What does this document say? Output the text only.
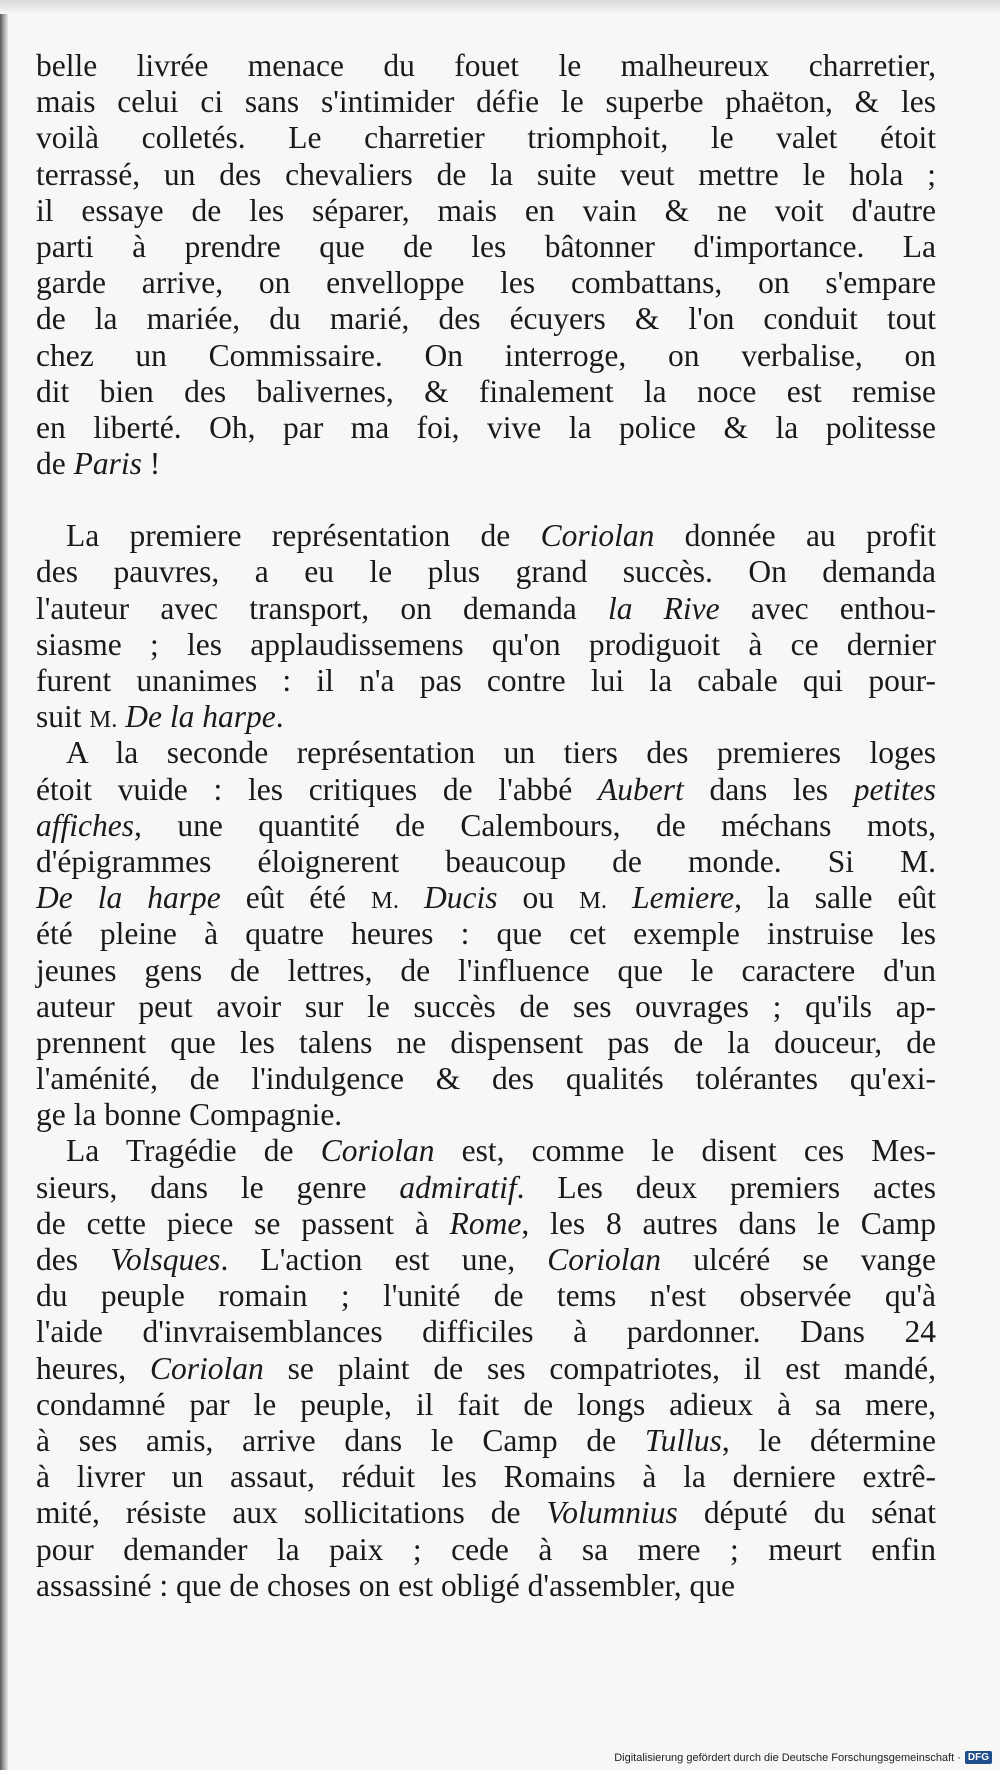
belle livrée menace du fouet le malheureux charretier,
mais celui ci sans s'intimider défie le superbe phaëton, & les
voilà colletés. Le charretier triomphoit, le valet étoit
terrassé, un des chevaliers de la suite veut mettre le hola ;
il essaye de les séparer, mais en vain & ne voit d'autre
parti à prendre que de les bâtonner d'importance. La
garde arrive, on envelloppe les combattans, on s'empare
de la mariée, du marié, des écuyers & l'on conduit tout
chez un Commissaire. On interroge, on verbalise, on
dit bien des balivernes, & finalement la noce est remise
en liberté. Oh, par ma foi, vive la police & la politesse
de Paris !
La premiere représentation de Coriolan donnée au profit
des pauvres, a eu le plus grand succès. On demanda
l'auteur avec transport, on demanda la Rive avec enthou-
siasme ; les applaudissemens qu'on prodiguoit à ce dernier
furent unanimes : il n'a pas contre lui la cabale qui pour-
suit M. De la harpe.
A la seconde représentation un tiers des premieres loges
étoit vuide : les critiques de l'abbé Aubert dans les petites
affiches, une quantité de Calembours, de méchans mots,
d'épigrammes éloignerent beaucoup de monde. Si M.
De la harpe eût été M. Ducis ou M. Lemiere, la salle eût
été pleine à quatre heures : que cet exemple instruise les
jeunes gens de lettres, de l'influence que le caractere d'un
auteur peut avoir sur le succès de ses ouvrages ; qu'ils ap-
prennent que les talens ne dispensent pas de la douceur, de
l'aménité, de l'indulgence & des qualités tolérantes qu'exi-
ge la bonne Compagnie.
La Tragédie de Coriolan est, comme le disent ces Mes-
sieurs, dans le genre admiratif. Les deux premiers actes
de cette piece se passent à Rome, les 8 autres dans le Camp
des Volsques. L'action est une, Coriolan ulcéré se vange
du peuple romain ; l'unité de tems n'est observée qu'à
l'aide d'invraisemblances difficiles à pardonner. Dans 24
heures, Coriolan se plaint de ses compatriotes, il est mandé,
condamné par le peuple, il fait de longs adieux à sa mere,
à ses amis, arrive dans le Camp de Tullus, le détermine
à livrer un assaut, réduit les Romains à la derniere extrê-
mité, résiste aux sollicitations de Volumnius député du sénat
pour demander la paix ; cede à sa mere ; meurt enfin
assassiné : que de choses on est obligé d'assembler, que
Digitalisierung gefördert durch die Deutsche Forschungsgemeinschaft · DFG
